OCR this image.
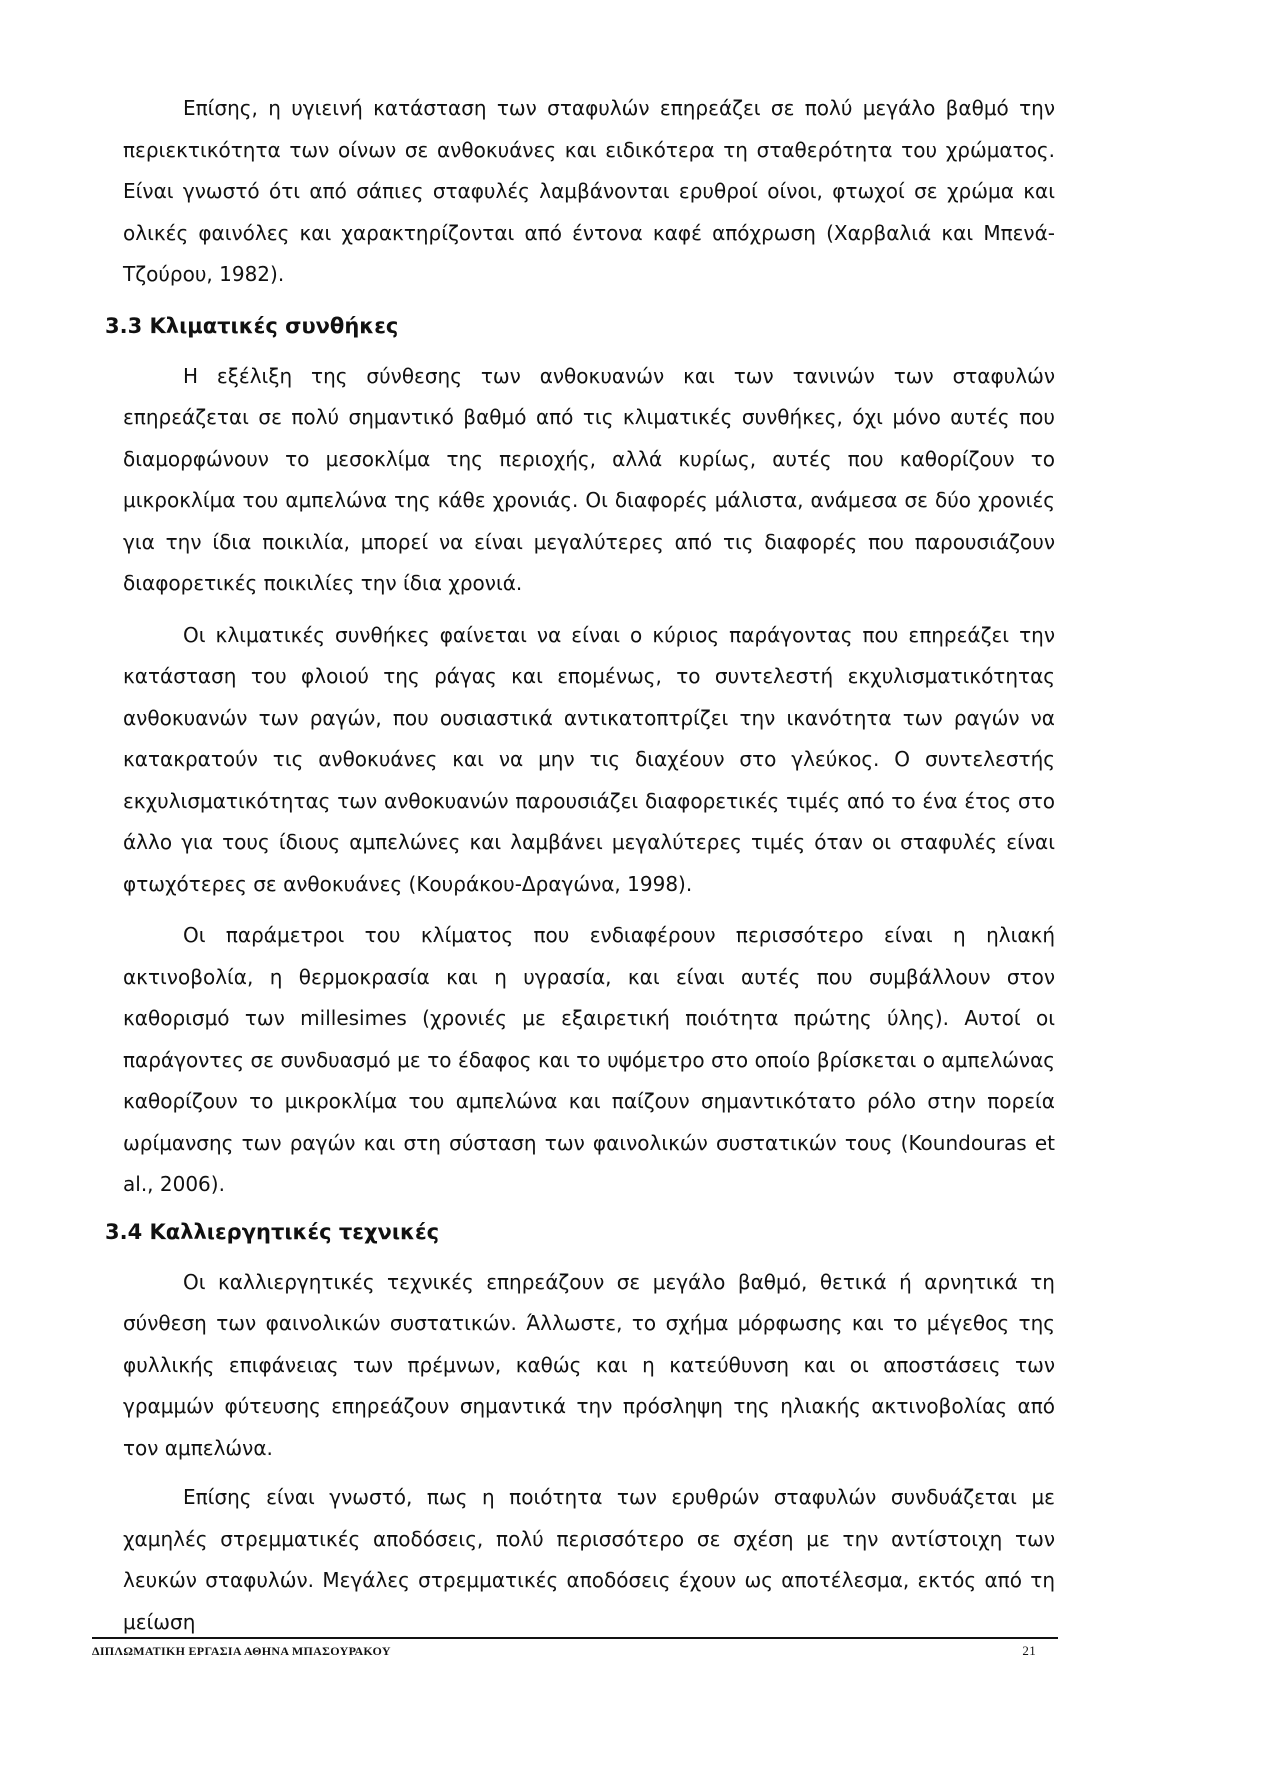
Επίσης, η υγιεινή κατάσταση των σταφυλών επηρεάζει σε πολύ μεγάλο βαθμό την περιεκτικότητα των οίνων σε ανθοκυάνες και ειδικότερα τη σταθερότητα του χρώματος. Είναι γνωστό ότι από σάπιες σταφυλές λαμβάνονται ερυθροί οίνοι, φτωχοί σε χρώμα και ολικές φαινόλες και χαρακτηρίζονται από έντονα καφέ απόχρωση (Χαρβαλιά και Μπενά-Τζούρου, 1982).

3.3 Κλιματικές συνθήκες

Η εξέλιξη της σύνθεσης των ανθοκυανών και των τανινών των σταφυλών επηρεάζεται σε πολύ σημαντικό βαθμό από τις κλιματικές συνθήκες, όχι μόνο αυτές που διαμορφώνουν το μεσοκλίμα της περιοχής, αλλά κυρίως, αυτές που καθορίζουν το μικροκλίμα του αμπελώνα της κάθε χρονιάς. Οι διαφορές μάλιστα, ανάμεσα σε δύο χρονιές για την ίδια ποικιλία, μπορεί να είναι μεγαλύτερες από τις διαφορές που παρουσιάζουν διαφορετικές ποικιλίες την ίδια χρονιά.

Οι κλιματικές συνθήκες φαίνεται να είναι ο κύριος παράγοντας που επηρεάζει την κατάσταση του φλοιού της ράγας και επομένως, το συντελεστή εκχυλισματικότητας ανθοκυανών των ραγών, που ουσιαστικά αντικατοπτρίζει την ικανότητα των ραγών να κατακρατούν τις ανθοκυάνες και να μην τις διαχέουν στο γλεύκος. Ο συντελεστής εκχυλισματικότητας των ανθοκυανών παρουσιάζει διαφορετικές τιμές από το ένα έτος στο άλλο για τους ίδιους αμπελώνες και λαμβάνει μεγαλύτερες τιμές όταν οι σταφυλές είναι φτωχότερες σε ανθοκυάνες (Κουράκου-Δραγώνα, 1998).

Οι παράμετροι του κλίματος που ενδιαφέρουν περισσότερο είναι η ηλιακή ακτινοβολία, η θερμοκρασία και η υγρασία, και είναι αυτές που συμβάλλουν στον καθορισμό των millesimes (χρονιές με εξαιρετική ποιότητα πρώτης ύλης). Αυτοί οι παράγοντες σε συνδυασμό με το έδαφος και το υψόμετρο στο οποίο βρίσκεται ο αμπελώνας καθορίζουν το μικροκλίμα του αμπελώνα και παίζουν σημαντικότατο ρόλο στην πορεία ωρίμανσης των ραγών και στη σύσταση των φαινολικών συστατικών τους (Koundouras et al., 2006).

3.4 Καλλιεργητικές τεχνικές

Οι καλλιεργητικές τεχνικές επηρεάζουν σε μεγάλο βαθμό, θετικά ή αρνητικά τη σύνθεση των φαινολικών συστατικών. Άλλωστε, το σχήμα μόρφωσης και το μέγεθος της φυλλικής επιφάνειας των πρέμνων, καθώς και η κατεύθυνση και οι αποστάσεις των γραμμών φύτευσης επηρεάζουν σημαντικά την πρόσληψη της ηλιακής ακτινοβολίας από τον αμπελώνα.

Επίσης είναι γνωστό, πως η ποιότητα των ερυθρών σταφυλών συνδυάζεται με χαμηλές στρεμματικές αποδόσεις, πολύ περισσότερο σε σχέση με την αντίστοιχη των λευκών σταφυλών. Μεγάλες στρεμματικές αποδόσεις έχουν ως αποτέλεσμα, εκτός από τη μείωση

ΔΙΠΛΩΜΑΤΙΚΗ ΕΡΓΑΣΙΑ ΑΘΗΝΑ ΜΠΑΣΟΥΡΑΚΟΥ	21
